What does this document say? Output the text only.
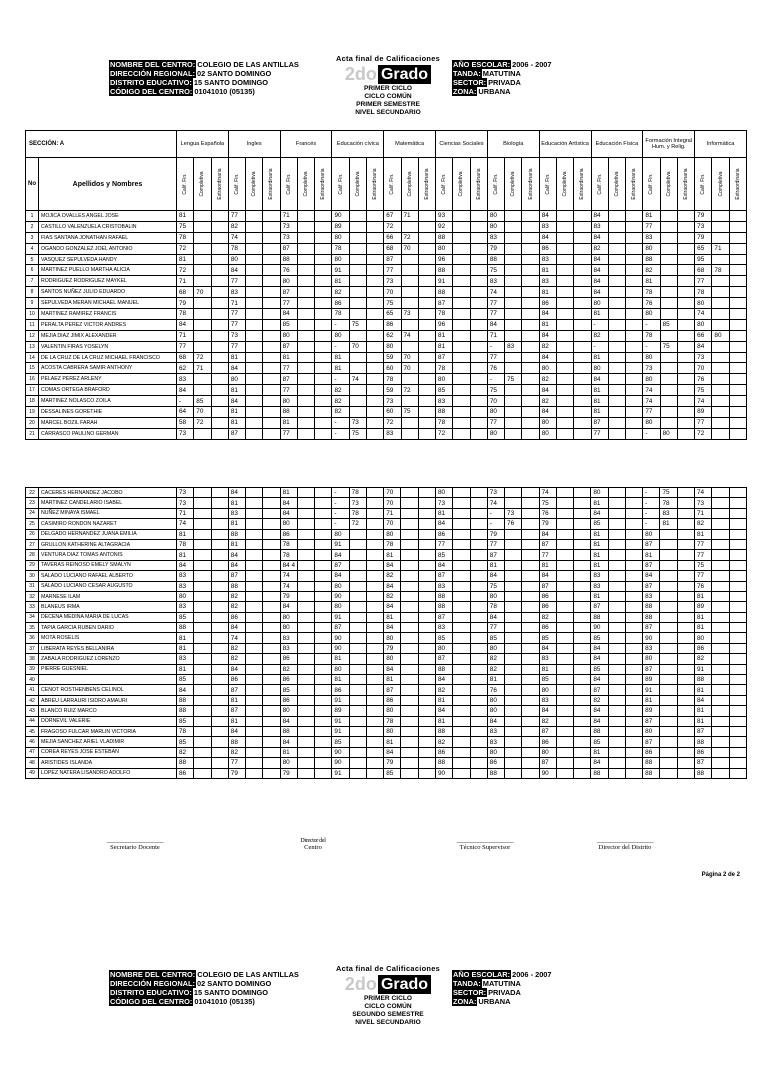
NOMBRE DEL CENTRO: COLEGIO DE LAS ANTILLAS
DIRECCIÓN REGIONAL: 02 SANTO DOMINGO
DISTRITO EDUCATIVO: 15 SANTO DOMINGO
CÓDIGO DEL CENTRO: 01041010 (05135)
Acta final de Calificaciones
2do Grado
PRIMER CICLO
CICLO COMÚN
PRIMER SEMESTRE
NIVEL SECUNDARIO
AÑO ESCOLAR: 2006 - 2007
TANDA: MATUTINA
SECTOR: PRIVADA
ZONA: URBANA
SECCIÓN: A		Lengua Española			Ingles			Francés			Educación cívica			Matemática			Ciencias Sociales			Biología			Educación Artística			Educación Física			Formación Integral Hum. y Relig.			Informática		
No	Apellidos y Nombres	Calif. Fin.	Completiva	Extraordinaria	Calif. Fin.	Completiva	Extraordinaria	Calif. Fin.	Completiva	Extraordinaria	Calif. Fin.	Completiva	Extraordinaria	Calif. Fin.	Completiva	Extraordinaria	Calif. Fin.	Completiva	Extraordinaria	Calif. Fin.	Completiva	Extraordinaria	Calif. Fin.	Completiva	Extraordinaria	Calif. Fin.	Completiva	Extraordinaria	Calif. Fin.	Completiva	Extraordinaria	Calif. Fin.	Completiva	Extraordinaria

1	MOJICA OVALLES ANGEL JOSE	81			77			71			90			67	71		93			80			84			84			81			79		
2	CASTILLO VALENZUELA CRISTOBALIN	75			82			73			89			72			92			80			83			83			77			73		
3	FIAS SANTANA JONATHAN RAFAEL	78			74			73			80			66	72		88			83			84			84			83			79		
4	OGANDO GONZALEZ JOEL ANTONIO	72			78			87			78			68	70		80			79			86			82			80			65	71	
5	VASQUEZ SEPULVEDA HANDY	81			80			88			80			87			96			88			83			84			88			95		
6	MARTINEZ PUELLO MARTHA ALICIA	72			84			76			91			77			88			75			81			84			82			68	78	
7	RODRIGUEZ RODRIGUEZ MAYKEL	71			77			80			81			73			91			83			83			84			81			77		
8	SANTOS NUÑEZ JULIO EDUARDO	68	70		83			87			82			70			88			74			81			84			78			78		
9	SEPULVEDA MERAN MICHAEL MANUEL	79			71			77			86			75			87			77			86			80			76			80		
10	MARTINEZ RAMIREZ FRANCIS	78			77			84			78			65	73		78			77			84			81			80			74		
11	PERALTA PEREZ VICTOR ANDRES	84			77			85			-	75		86			96			84			81			-			-	85		80		
12	MEJIA DIAZ JIMIX ALEXANDER	71			73			80			80			62	74		81			71			84			82			78			66	80	
13	VALENTIN FIRAS YOSELYN	77			77			87			-	70		80			81			-	83		82			-			-	75		84		
14	DE LA CRUZ DE LA CRUZ MICHAEL FRANCISCO	68	72		81			81			81			59	70		87			77			84			81			80			73		
15	ACOSTA CABRERA SAMIR ANTHONY	62	71		84			77			81			60	70		78			76			80			80			73			70		
16	PELAEZ PEREZ ARLENY	83			80			87			-	74		78			80			-	75		82			84			80			76		
17	COMAS ORTEGA BRAFORD	84			81			77			82			59	72		85			75			84			81			74			75		
18	MARTINEZ NOLASCO ZOILA	-	85		84			80			82			73			83			70			82			81			74			74		
19	DESSALINES GORETHIE	64	70		81			88			82			60	75		88			80			84			81			77			89		
20	MARCEL BOZIL FARAH	58	72		81			81			-	73		72			78			77			80			87			80			77		
21	CARRASCO PAULINO GERMAN	73			87			77			-	75		83			72			80			80			77			-	80		72		
22	CACERES HERNANDEZ JACOBO	73			84			81			-	78		70			80			73			74			80			-	75		74		
23	MARTINEZ CANDELARIO ISABEL	73			81			84			-	73		70			73			74			75			81			-	78		73		
24	NUÑEZ MINAYA ISMAEL	71			83			84			-	78		71			81			-	73		76			84			-	83		71		
25	CASIMIRO RONDON NAZARET	74			81			80			-	72		70			84			-	76		79			85			-	81		82		
26	DELGADO HERNANDEZ JUANA EMILIA	81			88			86			80			80			86			79			84			81			80			81		
27	GRULLON KATHERINE ALTAGRACIA	78			81			78			91			78			77			77			87			81			87			77		
28	VENTURA DIAZ TOMAS ANTONIS	81			84			78			84			81			85			87			77			81			81			77		
29	TAVERAS REINOSO EMELY SMALYN	84			84			84 4			87			84			84			81			81			81			87			75		
30	SALADO LUCIANO RAFAEL ALBERTO	83			87			74			84			82			87			84			84			83			84			77		
31	SALADO LUCIANO CESAR AUGUSTO	83			88			74			80			84			83			75			87			83			87			76		
32	MARNESE ILAM	80			82			79			90			82			88			80			86			81			83			81		
33	BLANEUS IRMA	83			82			84			80			84			88			78			86			87			88			89		
34	DECENA MEDINA MARIA DE LUCAS	85			86			80			91			81			87			84			82			88			88			81		
35	TAPIA GARCIA RUBEN DARIO	88			84			80			87			84			83			77			86			90			87			81		
36	MOTA ROSELIS	81			74			83			90			80			85			85			85			85			90			80		
37	LIBERATA REYES BELLANIRA	81			82			83			90			79			80			80			84			84			83			86		
38	ZABALA RODRIGUEZ LORENZO	83			82			86			81			80			87			82			83			84			80			82		
39	PIERRE GUESNIEL	81			84			82			80			84			88			82			81			85			87			91		
40		85			86			86			81			81			84			81			85			84			89			88		
41	CENOT ROSTHENBENS CELINOL	84			87			85			86			87			82			76			80			87			91			81		
42	ABREU LARRAURI ISIDRO AMAURI	88			81			86			91			86			81			80			83			82			81			84		
43	BLANCO RUIZ MARCO	88			87			80			89			80			84			80			84			84			89			81		
44	DORNEVIL VALERIE	85			81			84			91			78			81			84			82			84			87			81		
45	FRAGOSO FULCAR MARLIN VICTORIA	78			84			88			91			80			88			83			87			88			80			87		
46	MEJIA SANCHEZ ARIEL VLADIMIR	85			88			84			85			81			82			83			86			85			87			88		
47	COREA REYES JOSE ESTEBAN	82			82			81			90			84			86			80			80			81			86			86		
48	ARISTIDES ISLANDA	88			77			80			90			79			88			86			87			84			88			87		
49	LOPEZ NATERA LISANDRO ADOLFO	86			79			79			91			85			90			88			90			88			88			88		
_____________________
Secretario Docente
Director del
Centro
_____________________
Técnico Supervisor
_____________________
Director del Distrito
Página 2 de 2
NOMBRE DEL CENTRO: COLEGIO DE LAS ANTILLAS
DIRECCIÓN REGIONAL: 02 SANTO DOMINGO
DISTRITO EDUCATIVO: 15 SANTO DOMINGO
CÓDIGO DEL CENTRO: 01041010 (05135)
Acta final de Calificaciones
2do Grado
PRIMER CICLO
CICLO COMÚN
SEGUNDO SEMESTRE
NIVEL SECUNDARIO
AÑO ESCOLAR: 2006 - 2007
TANDA: MATUTINA
SECTOR: PRIVADA
ZONA: URBANA
